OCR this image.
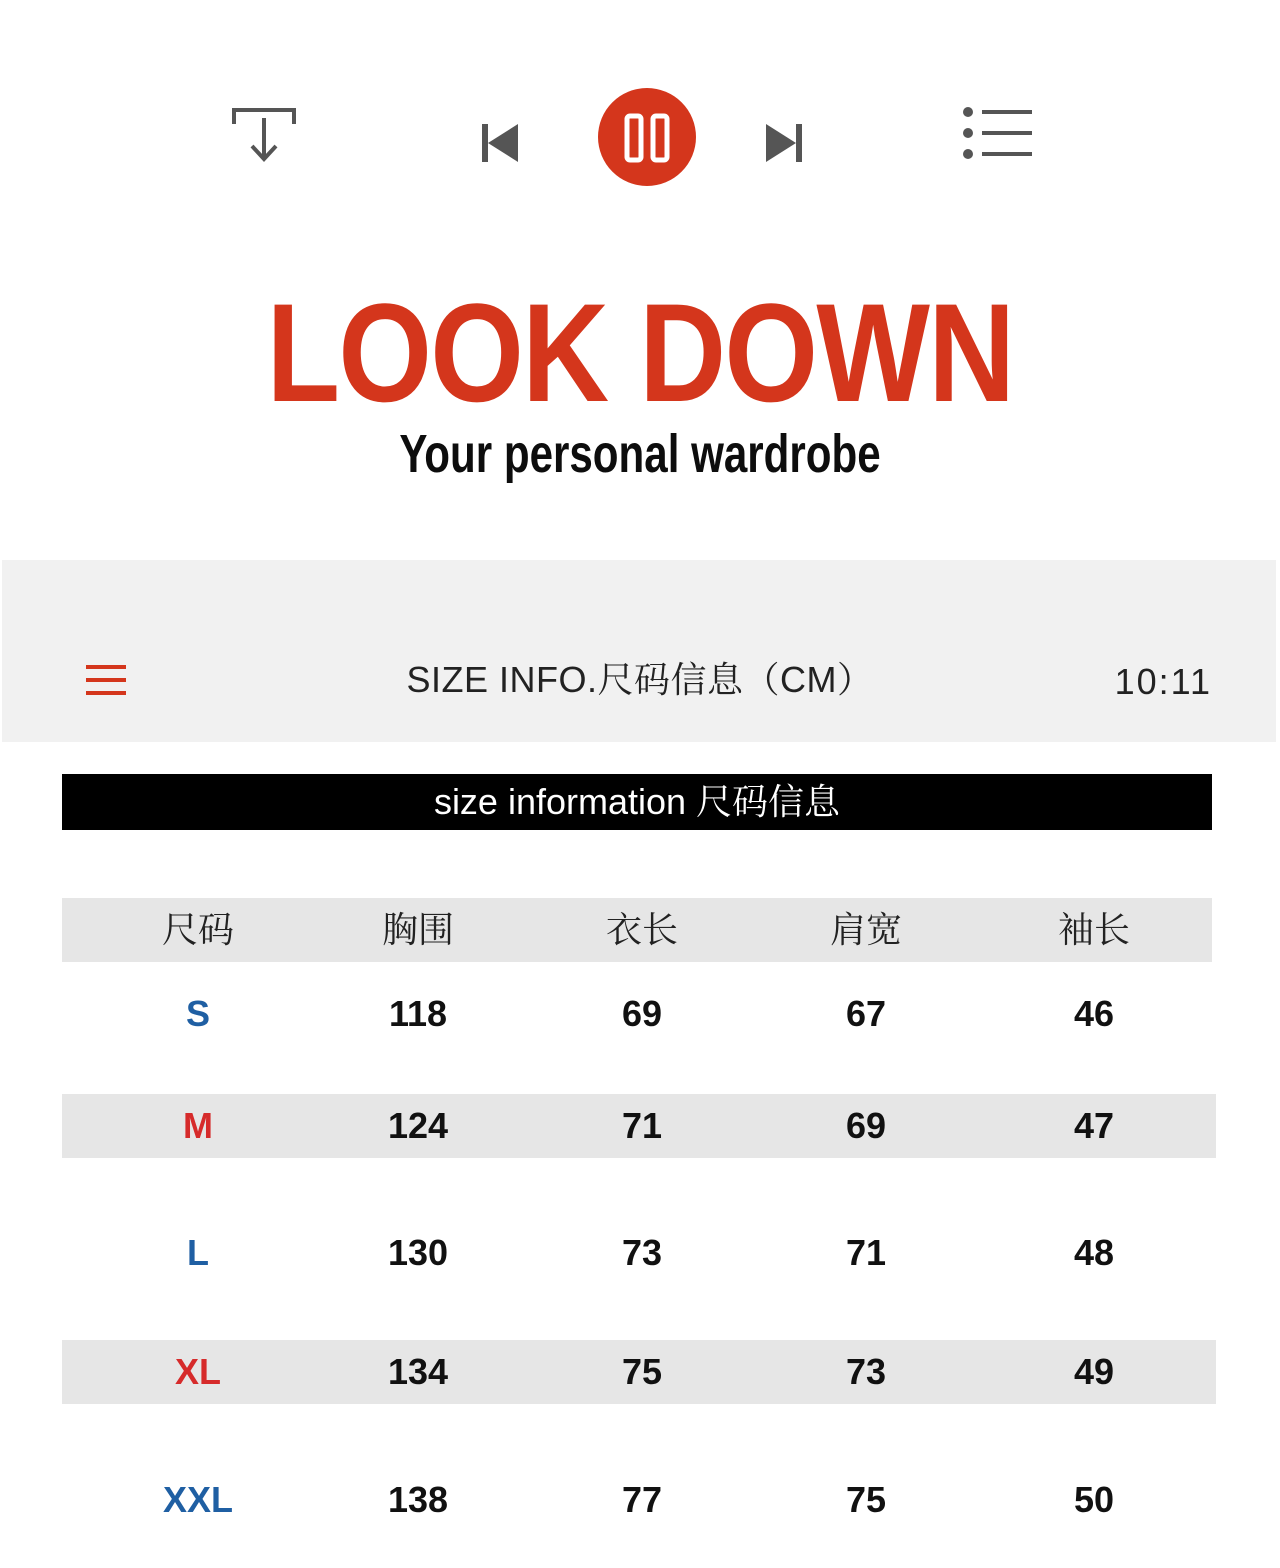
LOOK DOWN
Your personal wardrobe
SIZE INFO.尺码信息（CM）	10:11
size information 尺码信息
尺码	胸围	衣长	肩宽	袖长
S	118	69	67	46
M	124	71	69	47
L	130	73	71	48
XL	134	75	73	49
XXL	138	77	75	50
